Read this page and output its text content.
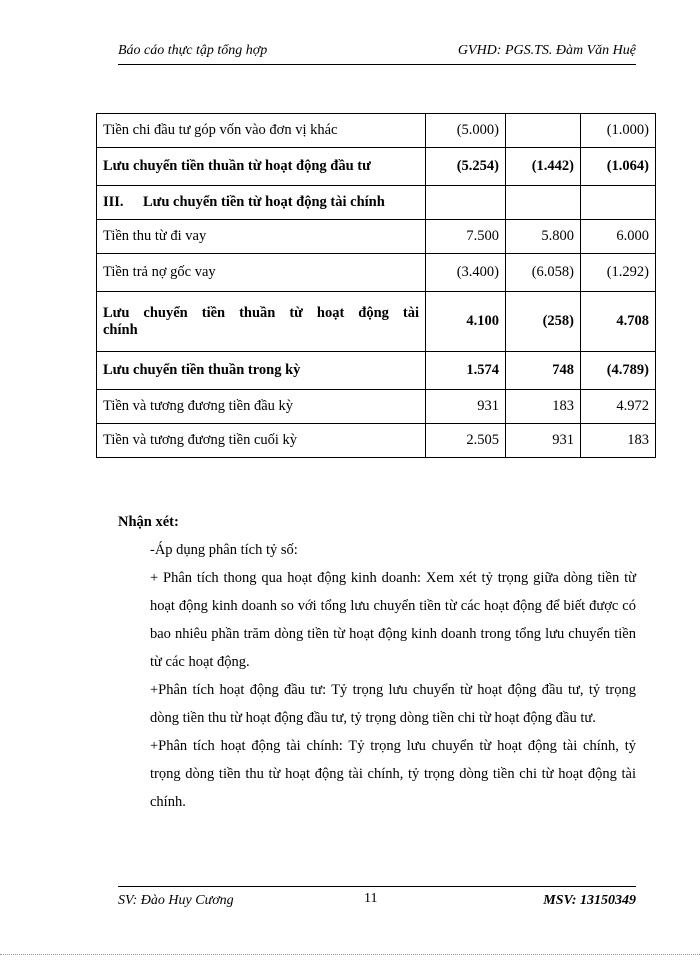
Báo cáo thực tập tổng hợp	GVHD: PGS.TS. Đàm Văn Huệ
Tiền chi đầu tư góp vốn vào đơn vị khác	(5.000)		(1.000)
Lưu chuyển tiền thuần từ hoạt động đầu tư	(5.254)	(1.442)	(1.064)
III. Lưu chuyển tiền từ hoạt động tài chính			
Tiền thu từ đi vay	7.500	5.800	6.000
Tiền trả nợ gốc vay	(3.400)	(6.058)	(1.292)

Lưu chuyển tiền thuần từ hoạt động tài
chính	4.100	(258)	4.708
Lưu chuyển tiền thuần trong kỳ	1.574	748	(4.789)
Tiền và tương đương tiền đầu kỳ	931	183	4.972
Tiền và tương đương tiền cuối kỳ	2.505	931	183
Nhận xét:
-Áp dụng phân tích tỷ số:
+ Phân tích thong qua hoạt động kinh doanh: Xem xét tỷ trọng giữa dòng tiền từ hoạt động kinh doanh so với tổng lưu chuyển tiền từ các hoạt động để biết được có bao nhiêu phần trăm dòng tiền từ hoạt động kinh doanh trong tổng lưu chuyển tiền từ các hoạt động.
+Phân tích hoạt động đầu tư: Tỷ trọng lưu chuyển từ hoạt động đầu tư, tỷ trọng dòng tiền thu từ hoạt động đầu tư, tỷ trọng dòng tiền chi từ hoạt động đầu tư.
+Phân tích hoạt động tài chính: Tỷ trọng lưu chuyển từ hoạt động tài chính, tỷ trọng dòng tiền thu từ hoạt động tài chính, tỷ trọng dòng tiền chi từ hoạt động tài chính.
SV: Đào Huy Cương	11	MSV: 13150349
